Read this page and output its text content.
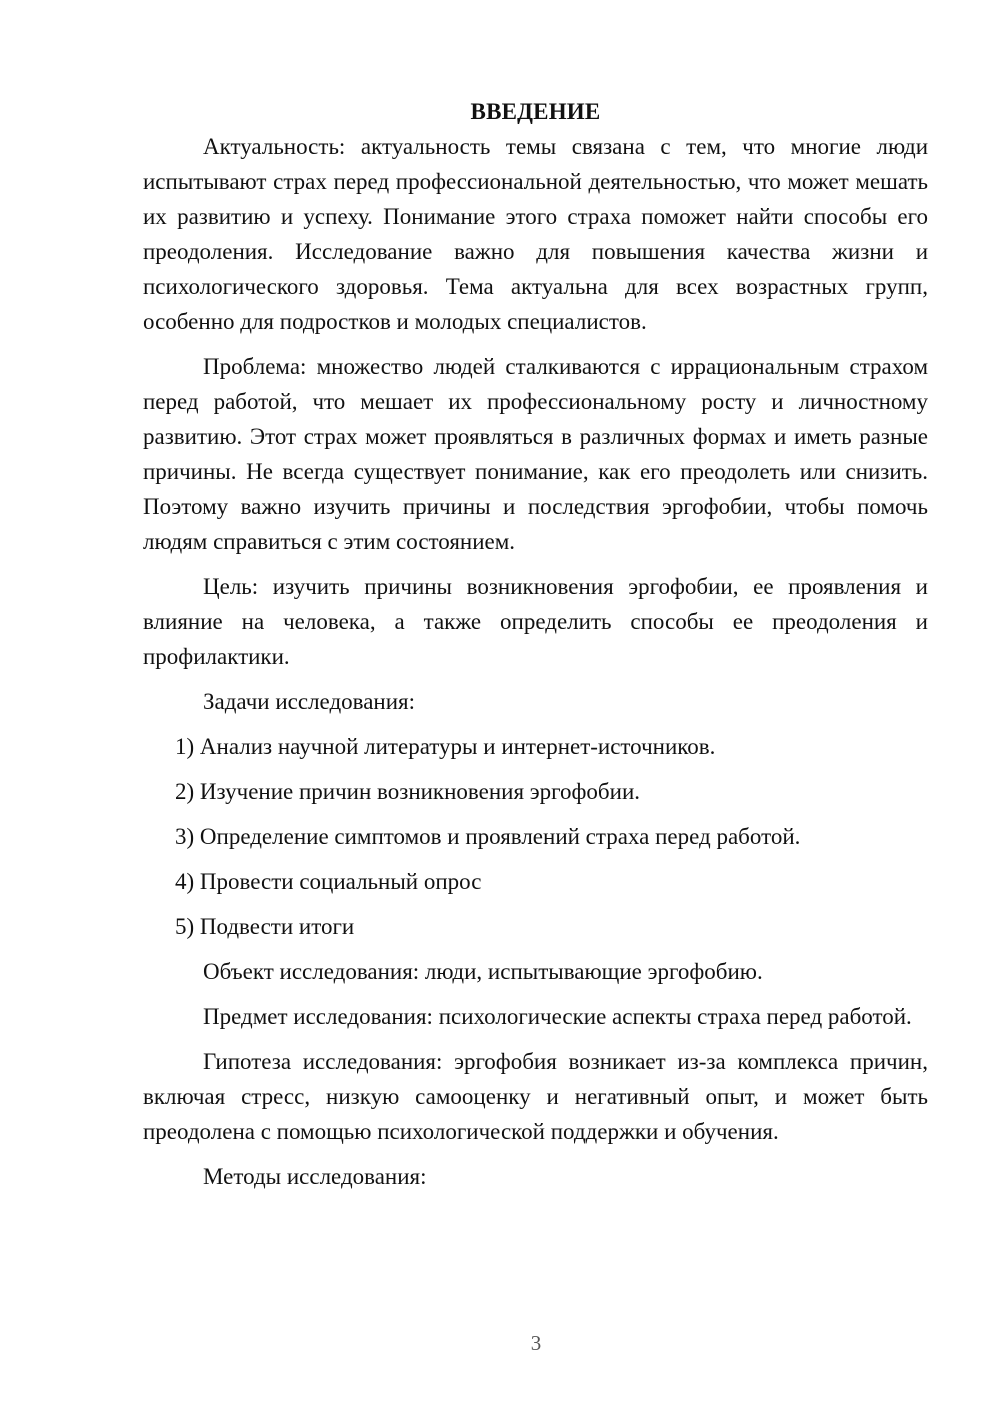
ВВЕДЕНИЕ

Актуальность: актуальность темы связана с тем, что многие люди испытывают страх перед профессиональной деятельностью, что может мешать их развитию и успеху. Понимание этого страха поможет найти способы его преодоления. Исследование важно для повышения качества жизни и психологического здоровья. Тема актуальна для всех возрастных групп, особенно для подростков и молодых специалистов.

Проблема: множество людей сталкиваются с иррациональным страхом перед работой, что мешает их профессиональному росту и личностному развитию. Этот страх может проявляться в различных формах и иметь разные причины. Не всегда существует понимание, как его преодолеть или снизить. Поэтому важно изучить причины и последствия эргофобии, чтобы помочь людям справиться с этим состоянием.

Цель: изучить причины возникновения эргофобии, ее проявления и влияние на человека, а также определить способы ее преодоления и профилактики.

Задачи исследования:

1) Анализ научной литературы и интернет-источников.

2) Изучение причин возникновения эргофобии.

3) Определение симптомов и проявлений страха перед работой.

4) Провести социальный опрос

5) Подвести итоги

Объект исследования: люди, испытывающие эргофобию.

Предмет исследования: психологические аспекты страха перед работой.

Гипотеза исследования: эргофобия возникает из-за комплекса причин, включая стресс, низкую самооценку и негативный опыт, и может быть преодолена с помощью психологической поддержки и обучения.

Методы исследования:

3
